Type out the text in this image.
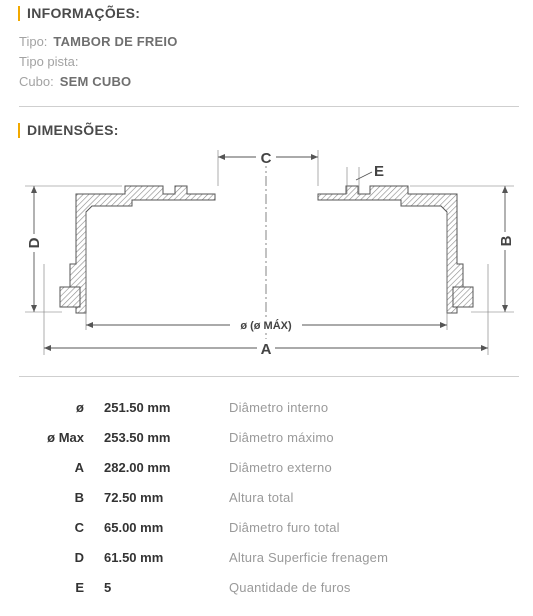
INFORMAÇÕES:
Tipo: TAMBOR DE FREIO
Tipo pista:
Cubo: SEM CUBO
DIMENSÕES:
C
E
D	B
ø (ø MÁX)
A
ø 251.50 mm	Diâmetro interno
ø Max 253.50 mm	Diâmetro máximo
A 282.00 mm	Diâmetro externo
B 72.50 mm	Altura total
C 65.00 mm	Diâmetro furo total
D 61.50 mm	Altura Superficie frenagem
E 5	Quantidade de furos
